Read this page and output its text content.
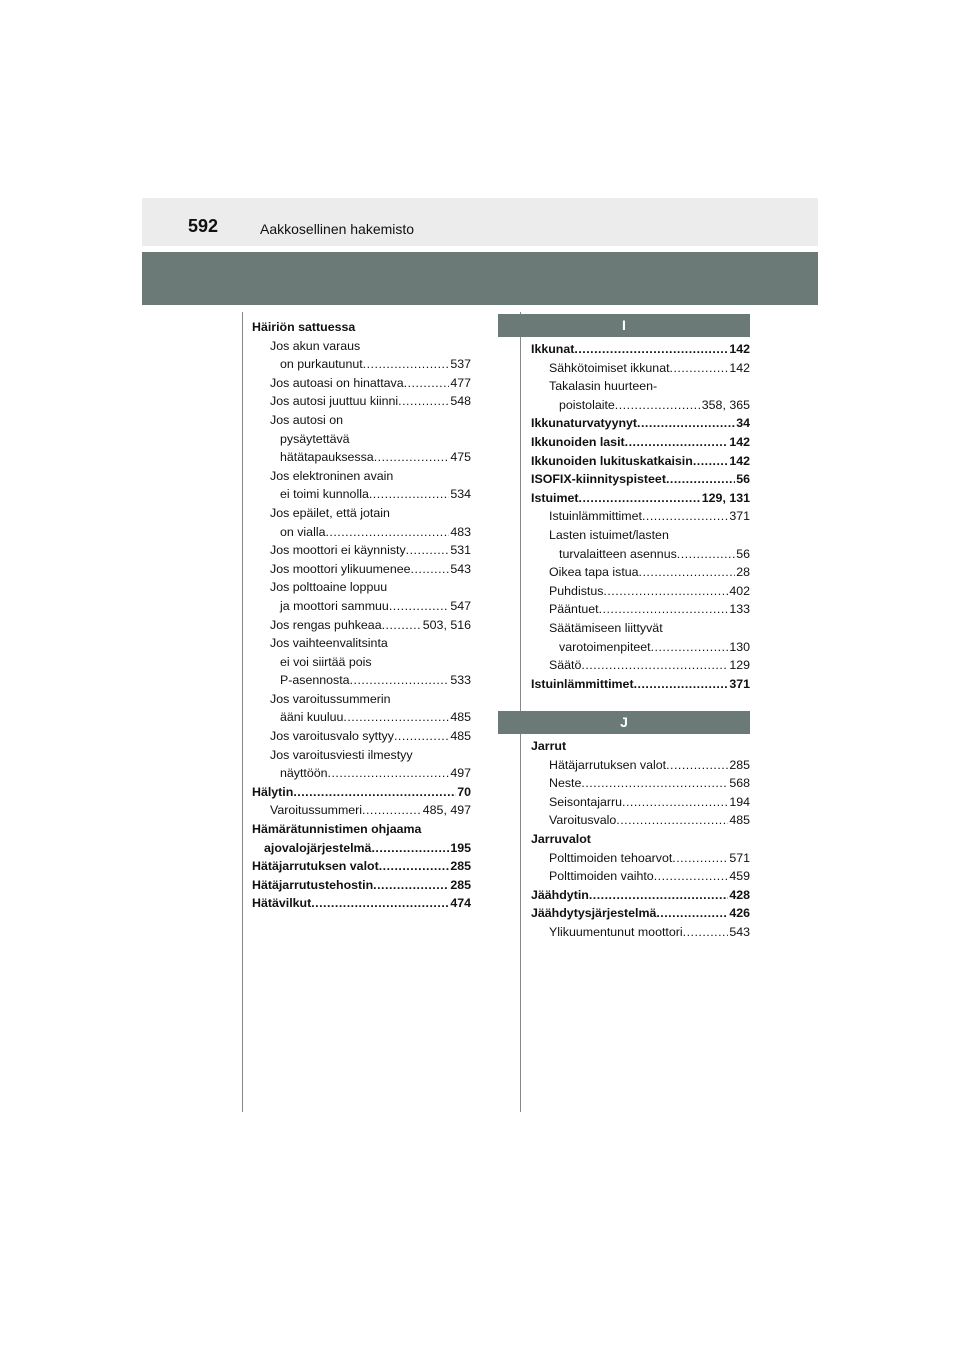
592	Aakkosellinen hakemisto
Häiriön sattuessa
Jos akun varaus
on purkautunut .....	537
Jos autoasi on hinattava .....	477
Jos autosi juuttuu kiinni .....	548
Jos autosi on
pysäytettävä
hätätapauksessa .....	475
Jos elektroninen avain
ei toimi kunnolla .....	534
Jos epäilet, että jotain
on vialla .....	483
Jos moottori ei käynnisty .....	531
Jos moottori ylikuumenee .....	543
Jos polttoaine loppuu
ja moottori sammuu .....	547
Jos rengas puhkeaa .....	503, 516
Jos vaihteenvalitsinta
ei voi siirtää pois
P-asennosta .....	533
Jos varoitussummerin
ääni kuuluu .....	485
Jos varoitusvalo syttyy .....	485
Jos varoitusviesti ilmestyy
näyttöön .....	497
Hälytin .....	70
Varoitussummeri .....	485, 497
Hämärätunnistimen ohjaama
ajovalojärjestelmä .....	195
Hätäjarrutuksen valot .....	285
Hätäjarrutustehostin .....	285
Hätävilkut .....	474
I
Ikkunat .....	142
Sähkötoimiset ikkunat .....	142
Takalasin huurteen-
poistolaite .....	358, 365
Ikkunaturvatyynyt .....	34
Ikkunoiden lasit .....	142
Ikkunoiden lukituskatkaisin .....	142
ISOFIX-kiinnityspisteet .....	56
Istuimet .....	129, 131
Istuinlämmittimet .....	371
Lasten istuimet/lasten
turvalaitteen asennus .....	56
Oikea tapa istua .....	28
Puhdistus .....	402
Pääntuet .....	133
Säätämiseen liittyvät
varotoimenpiteet .....	130
Säätö .....	129
Istuinlämmittimet .....	371
J
Jarrut
Hätäjarrutuksen valot .....	285
Neste .....	568
Seisontajarru .....	194
Varoitusvalo .....	485
Jarruvalot
Polttimoiden tehoarvot .....	571
Polttimoiden vaihto .....	459
Jäähdytin .....	428
Jäähdytysjärjestelmä .....	426
Ylikuumentunut moottori .....	543
